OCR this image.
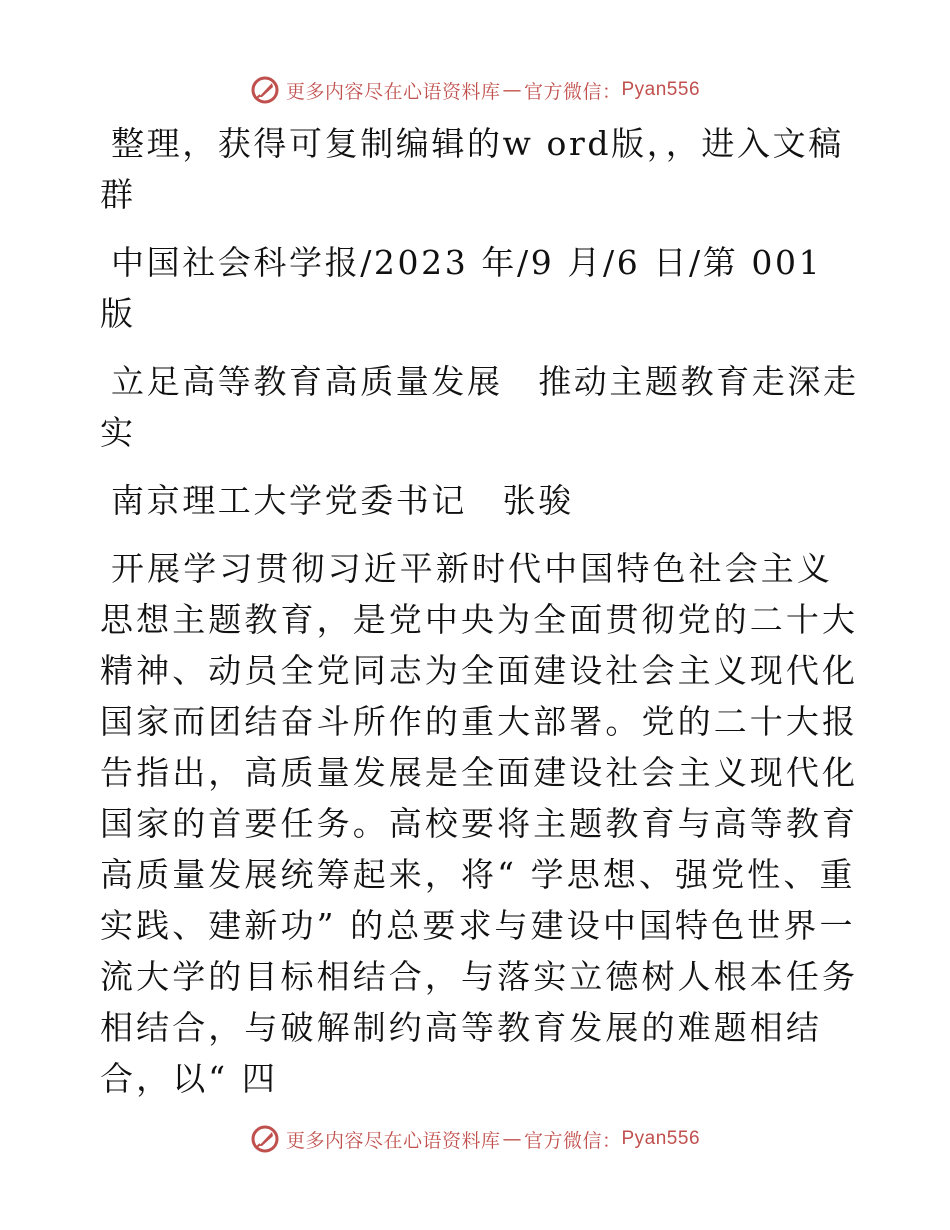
更多内容尽在心语资料库 — 官方微信： Pyan556

整理，获得可复制编辑的w ord版，，进入文稿群

中国社会科学报/2023 年/9 月/6 日/第 001 版

立足高等教育高质量发展　推动主题教育走深走实

南京理工大学党委书记　张骏

开展学习贯彻习近平新时代中国特色社会主义思想主题教育，是党中央为全面贯彻党的二十大精神、动员全党同志为全面建设社会主义现代化国家而团结奋斗所作的重大部署。党的二十大报告指出，高质量发展是全面建设社会主义现代化国家的首要任务。高校要将主题教育与高等教育高质量发展统筹起来，将“ 学思想、强党性、重实践、建新功” 的总要求与建设中国特色世界一流大学的目标相结合，与落实立德树人根本任务相结合，与破解制约高等教育发展的难题相结合，以“ 四

更多内容尽在心语资料库 — 官方微信： Pyan556
